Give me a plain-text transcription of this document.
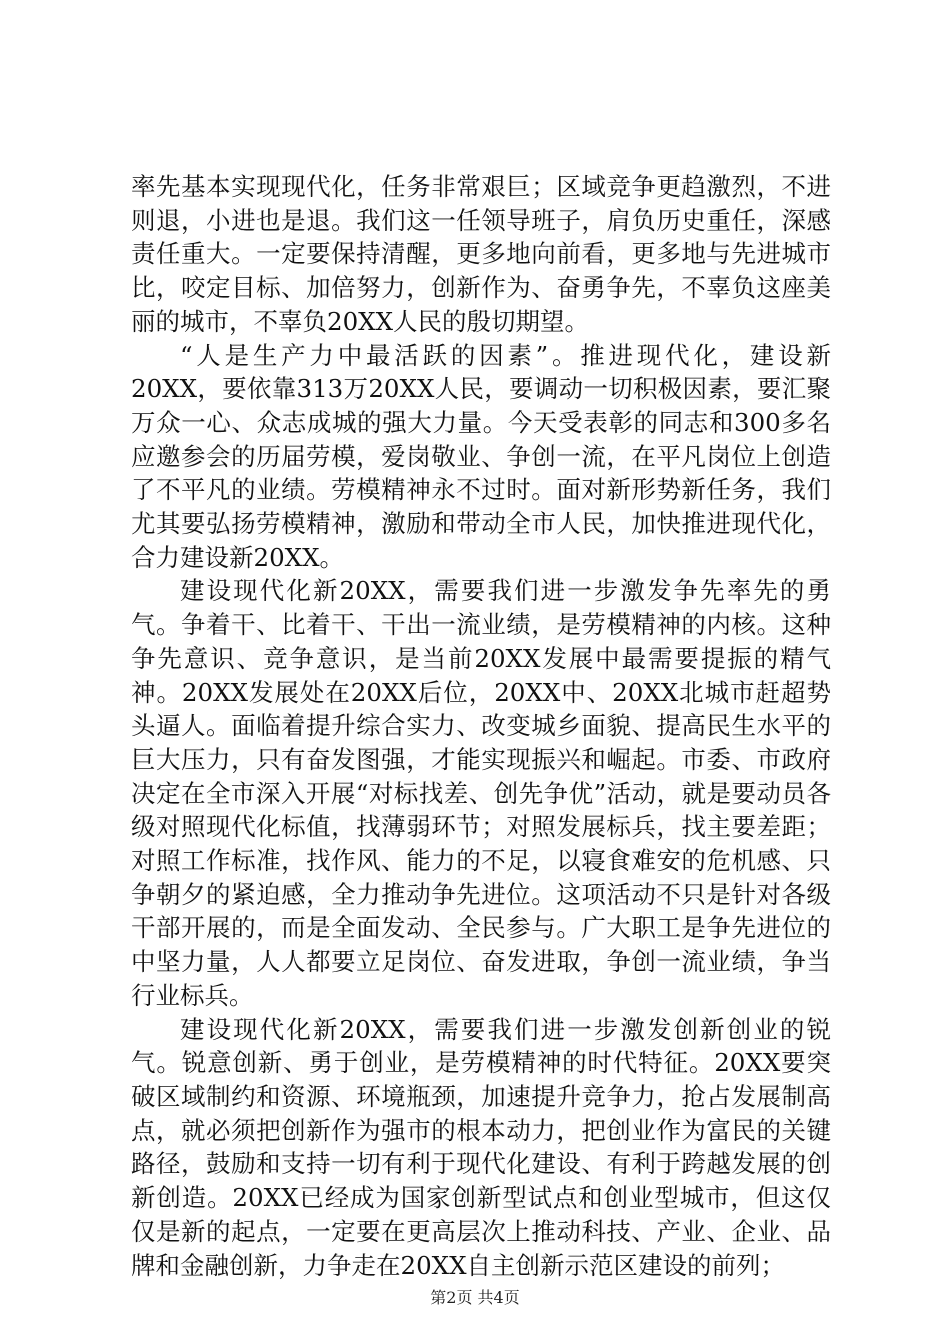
率先基本实现现代化，任务非常艰巨；区域竞争更趋激烈，不进则退，小进也是退。我们这一任领导班子，肩负历史重任，深感责任重大。一定要保持清醒，更多地向前看，更多地与先进城市比，咬定目标、加倍努力，创新作为、奋勇争先，不辜负这座美丽的城市，不辜负20XX人民的殷切期望。

“人是生产力中最活跃的因素”。推进现代化，建设新20XX，要依靠313万20XX人民，要调动一切积极因素，要汇聚万众一心、众志成城的强大力量。今天受表彰的同志和300多名应邀参会的历届劳模，爱岗敬业、争创一流，在平凡岗位上创造了不平凡的业绩。劳模精神永不过时。面对新形势新任务，我们尤其要弘扬劳模精神，激励和带动全市人民，加快推进现代化，合力建设新20XX。

建设现代化新20XX，需要我们进一步激发争先率先的勇气。争着干、比着干、干出一流业绩，是劳模精神的内核。这种争先意识、竞争意识，是当前20XX发展中最需要提振的精气神。20XX发展处在20XX后位，20XX中、20XX北城市赶超势头逼人。面临着提升综合实力、改变城乡面貌、提高民生水平的巨大压力，只有奋发图强，才能实现振兴和崛起。市委、市政府决定在全市深入开展“对标找差、创先争优”活动，就是要动员各级对照现代化标值，找薄弱环节；对照发展标兵，找主要差距；对照工作标准，找作风、能力的不足，以寝食难安的危机感、只争朝夕的紧迫感，全力推动争先进位。这项活动不只是针对各级干部开展的，而是全面发动、全民参与。广大职工是争先进位的中坚力量，人人都要立足岗位、奋发进取，争创一流业绩，争当行业标兵。

建设现代化新20XX，需要我们进一步激发创新创业的锐气。锐意创新、勇于创业，是劳模精神的时代特征。20XX要突破区域制约和资源、环境瓶颈，加速提升竞争力，抢占发展制高点，就必须把创新作为强市的根本动力，把创业作为富民的关键路径，鼓励和支持一切有利于现代化建设、有利于跨越发展的创新创造。20XX已经成为国家创新型试点和创业型城市，但这仅仅是新的起点，一定要在更高层次上推动科技、产业、企业、品牌和金融创新，力争走在20XX自主创新示范区建设的前列；

第2页 共4页
